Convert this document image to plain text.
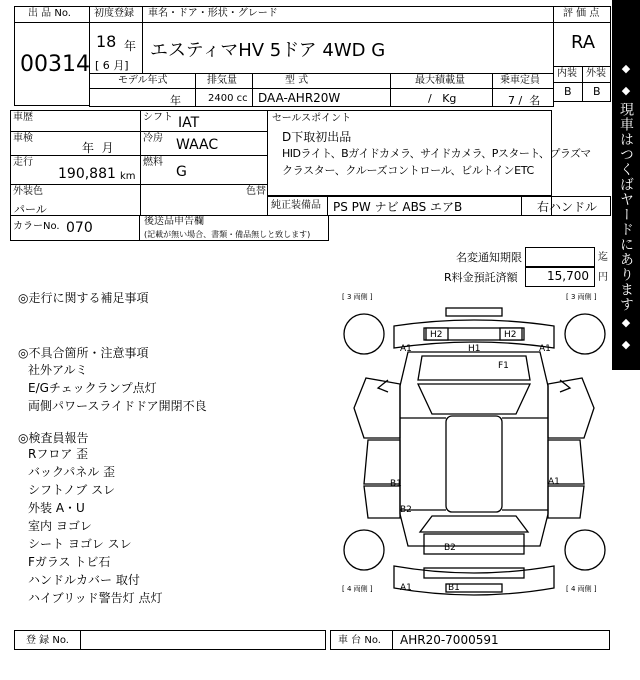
出 品 No.
00314
初度登録
18 年
[ 6 月]
車名・ドア・形状・グレード
エスティマHV 5ドア 4WD G
評 価 点
RA
内装 外装
B B
モデル年式	排気量	型 式	最大積載量	乗車定員
年	2400 cc DAA-AHR20W	/   Kg	7 /  名
車歴	シフト IAT
車検
年  月
冷房 WAAC
走行
190,881 km
燃料
G
外装色
パール
色替
カラーNo. 070	後送品申告欄
(記載が無い場合、書類・備品無しと致します)
セールスポイント
D下取初出品
HIDライト、Bガイドカメラ、サイドカメラ、Pスタート、プラズマ
クラスター、クルーズコントロール、ビルトインETC
純正装備品 PS PW ナビ ABS エアB	右ハンドル
名変通知期限	迄
R料金預託済額 15,700 円
◎走行に関する補足事項
◎不具合箇所・注意事項
社外アルミ
E/Gチェックランプ点灯
両側パワースライドドア開閉不良
◎検査員報告
Rフロア 歪
バックパネル 歪
シフトノブ スレ
外装 A・U
室内 ヨゴレ
シート ヨゴレ スレ
Fガラス トビ石
ハンドルカバー 取付
ハイブリッド警告灯 点灯
[ 3 両側 ]	[ 3 両側 ]
[ 4 両側 ]	[ 4 両側 ]
A1	H1	A1
H2	H2
F1
B1	A1
B2
B2
A1	B1
◆
◆
現車はつくばヤードにあります
◆
◆
登 録 No.	車 台 No. AHR20-7000591
